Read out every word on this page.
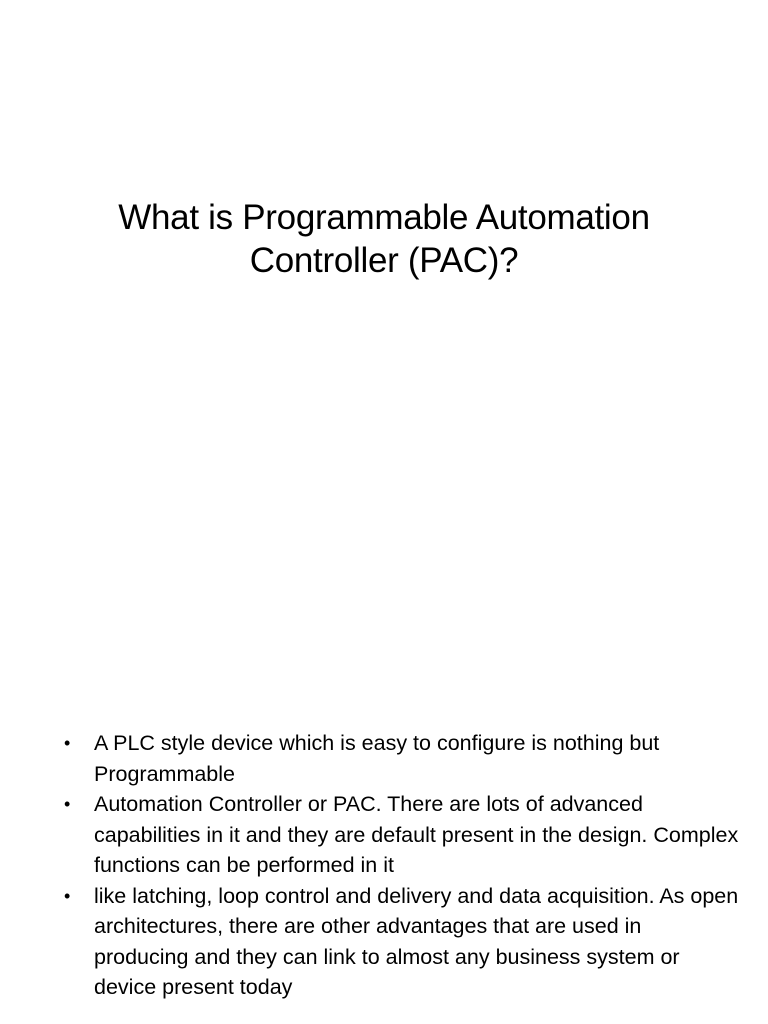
What is Programmable Automation
Controller (PAC)?
• A PLC style device which is easy to configure is nothing but Programmable
• Automation Controller or PAC. There are lots of advanced capabilities in it and they are default present in the design. Complex functions can be performed in it
• like latching, loop control and delivery and data acquisition. As open architectures, there are other advantages that are used in producing and they can link to almost any business system or device present today
